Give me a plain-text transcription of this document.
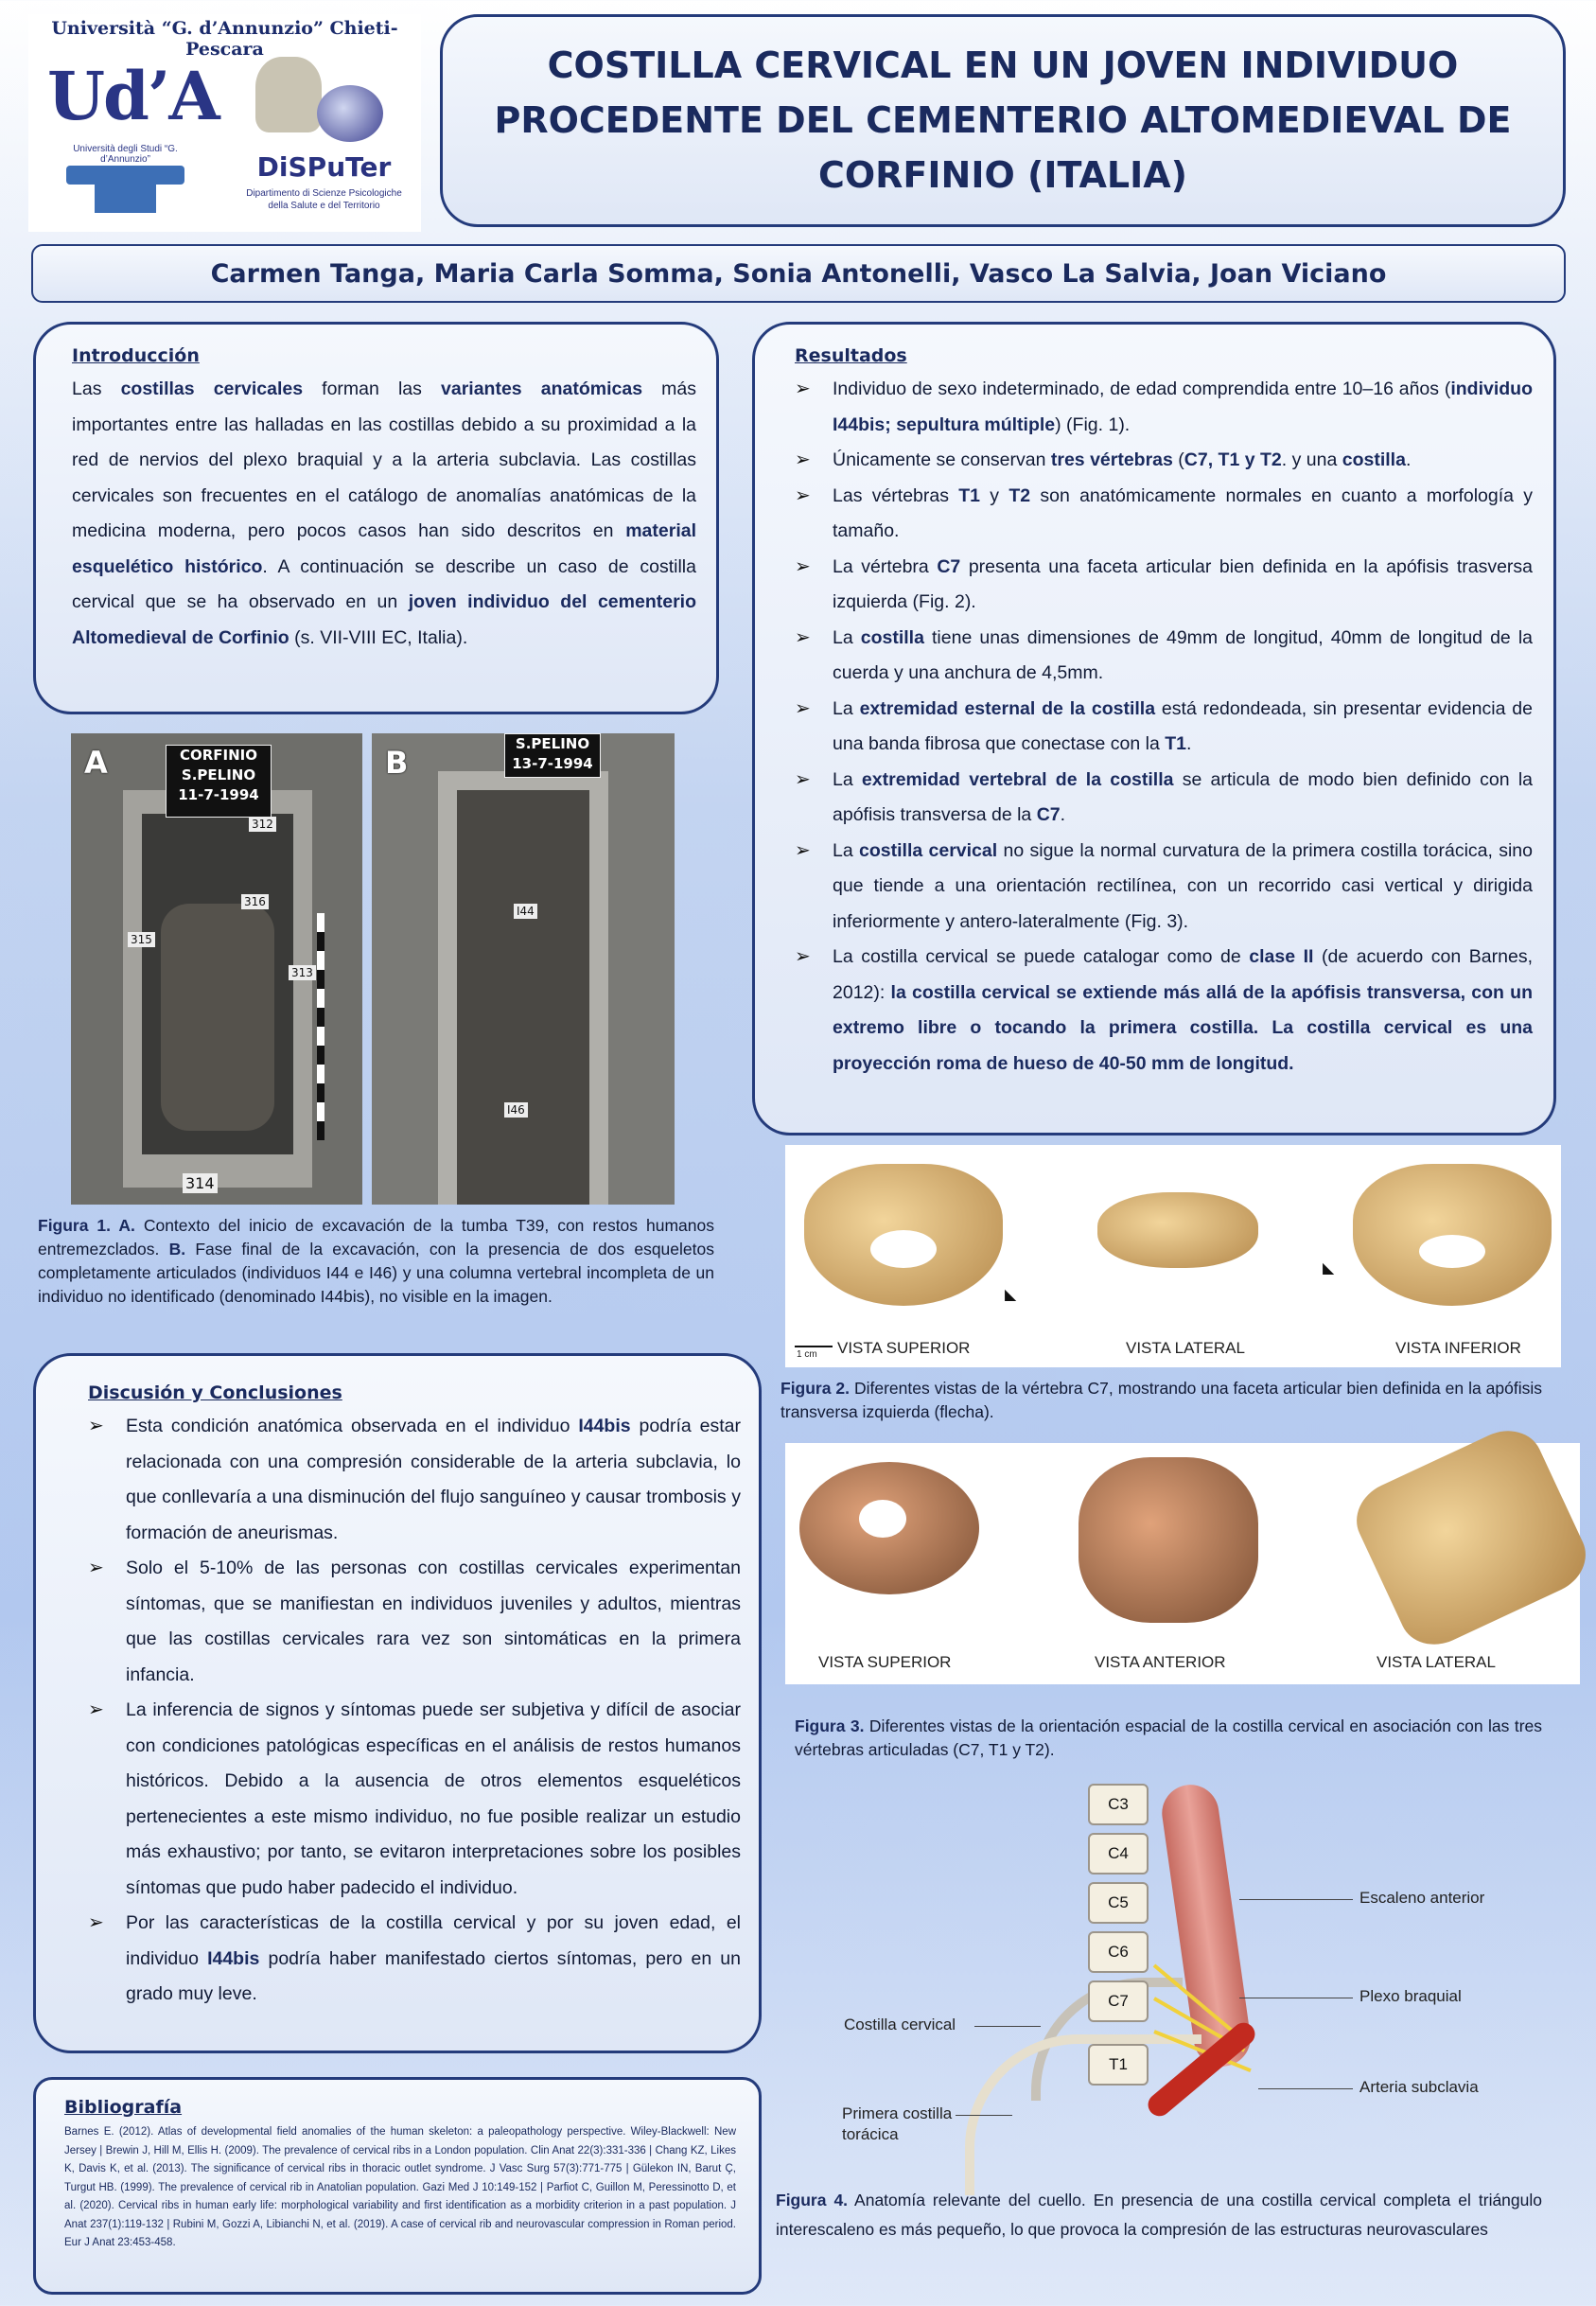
Università “G. d’Annunzio” Chieti-Pescara
Ud’A
Università degli Studi “G. d’Annunzio”	DiSPuTer
Dipartimento di Scienze Psicologiche della Salute e del Territorio
COSTILLA CERVICAL EN UN JOVEN INDIVIDUO PROCEDENTE DEL CEMENTERIO ALTOMEDIEVAL DE CORFINIO (ITALIA)
Carmen Tanga, Maria Carla Somma, Sonia Antonelli, Vasco La Salvia, Joan Viciano
Introducción

Las costillas cervicales forman las variantes anatómicas más importantes entre las halladas en las costillas debido a su proximidad a la red de nervios del plexo braquial y a la arteria subclavia. Las costillas cervicales son frecuentes en el catálogo de anomalías anatómicas de la medicina moderna, pero pocos casos han sido descritos en material esquelético histórico. A continuación se describe un caso de costilla cervical que se ha observado en un joven individuo del cementerio Altomedieval de Corfinio (s. VII-VIII EC, Italia).

Resultados
➢ Individuo de sexo indeterminado, de edad comprendida entre 10–16 años (individuo I44bis; sepultura múltiple) (Fig. 1).
➢ Únicamente se conservan tres vértebras (C7, T1 y T2. y una costilla.
➢ Las vértebras T1 y T2 son anatómicamente normales en cuanto a morfología y tamaño.
➢ La vértebra C7 presenta una faceta articular bien definida en la apófisis trasversa izquierda (Fig. 2).
➢ La costilla tiene unas dimensiones de 49mm de longitud, 40mm de longitud de la cuerda y una anchura de 4,5mm.
➢ La extremidad esternal de la costilla está redondeada, sin presentar evidencia de una banda fibrosa que conectase con la T1.
➢ La extremidad vertebral de la costilla se articula de modo bien definido con la apófisis transversa de la C7.
➢ La costilla cervical no sigue la normal curvatura de la primera costilla torácica, sino que tiende a una orientación rectilínea, con un recorrido casi vertical y dirigida inferiormente y antero-lateralmente (Fig. 3).
➢ La costilla cervical se puede catalogar como de clase II (de acuerdo con Barnes, 2012): la costilla cervical se extiende más allá de la apófisis transversa, con un extremo libre o tocando la primera costilla. La costilla cervical es una proyección roma de hueso de 40-50 mm de longitud.
A	CORFINIO
S.PELINO
11-7-1994
312
316
315
313
314
B
S.PELINO
13-7-1994
I44
I46
Figura 1. A. Contexto del inicio de excavación de la tumba T39, con restos humanos entremezclados. B. Fase final de la excavación, con la presencia de dos esqueletos completamente articulados (individuos I44 e I46) y una columna vertebral incompleta de un individuo no identificado (denominado I44bis), no visible en la imagen.	◣
◣
1 cm VISTA SUPERIOR	VISTA LATERAL	VISTA INFERIOR
Figura 2. Diferentes vistas de la vértebra C7, mostrando una faceta articular bien definida en la apófisis transversa izquierda (flecha).
VISTA SUPERIOR	VISTA ANTERIOR	VISTA LATERAL
Figura 3. Diferentes vistas de la orientación espacial de la costilla cervical en asociación con las tres vértebras articuladas (C7, T1 y T2).
C3
C4
C5
C6
C7
T1
Escaleno anterior
Plexo braquial
Arteria subclavia
Costilla cervical
Primera costilla torácica
Figura 4. Anatomía relevante del cuello. En presencia de una costilla cervical completa el triángulo interescaleno es más pequeño, lo que provoca la compresión de las estructuras neurovasculares
Discusión y Conclusiones
➢ Esta condición anatómica observada en el individuo I44bis podría estar relacionada con una compresión considerable de la arteria subclavia, lo que conllevaría a una disminución del flujo sanguíneo y causar trombosis y formación de aneurismas.
➢ Solo el 5-10% de las personas con costillas cervicales experimentan síntomas, que se manifiestan en individuos juveniles y adultos, mientras que las costillas cervicales rara vez son sintomáticas en la primera infancia.
➢ La inferencia de signos y síntomas puede ser subjetiva y difícil de asociar con condiciones patológicas específicas en el análisis de restos humanos históricos. Debido a la ausencia de otros elementos esqueléticos pertenecientes a este mismo individuo, no fue posible realizar un estudio más exhaustivo; por tanto, se evitaron interpretaciones sobre los posibles síntomas que pudo haber padecido el individuo.
➢ Por las características de la costilla cervical y por su joven edad, el individuo I44bis podría haber manifestado ciertos síntomas, pero en un grado muy leve.
Bibliografía

Barnes E. (2012). Atlas of developmental field anomalies of the human skeleton: a paleopathology perspective. Wiley-Blackwell: New Jersey | Brewin J, Hill M, Ellis H. (2009). The prevalence of cervical ribs in a London population. Clin Anat 22(3):331-336 | Chang KZ, Likes K, Davis K, et al. (2013). The significance of cervical ribs in thoracic outlet syndrome. J Vasc Surg 57(3):771-775 | Gülekon IN, Barut Ç, Turgut HB. (1999). The prevalence of cervical rib in Anatolian population. Gazi Med J 10:149-152 | Parfiot C, Guillon M, Peressinotto D, et al. (2020). Cervical ribs in human early life: morphological variability and first identification as a morbidity criterion in a past population. J Anat 237(1):119-132 | Rubini M, Gozzi A, Libianchi N, et al. (2019). A case of cervical rib and neurovascular compression in Roman period. Eur J Anat 23:453-458.
